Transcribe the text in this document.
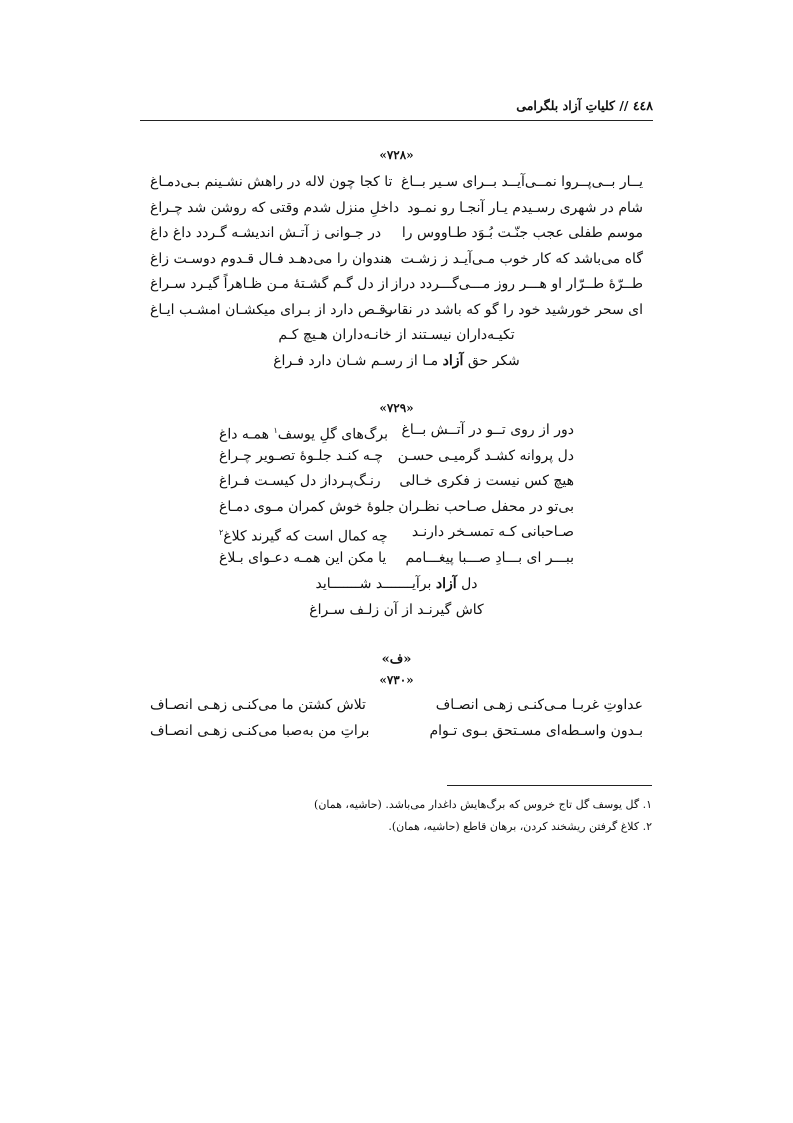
٤٤٨ // کلیاتِ آزاد بلگرامی
«۷۲۸»
یــار بــی‌پــروا نمــی‌آیــد بــرای سـیر بــاغ
تا کجا چون لاله در راهش نشـینم بـی‌دمـاغ
شام در شهری رسـیدم یـار آنجـا رو نمـود
داخلِ منزل شدم وقتی که روشن شد چـراغ
موسم طفلی عجب جنّـت بُـوَد طـاووس را
در جـوانی ز آتـش اندیشـه گـردد داغ داغ
گاه می‌باشد که کار خوب مـی‌آیـد ز زشـت
هندوان را می‌دهـد فـال قـدوم دوسـت زاغ
طــرّهٔ طــرّار او هـــر روز مـــی‌گـــردد دراز
از دل گـم گشـتهٔ مـن ظـاهراً گیـرد سـراغ
ای سحر خورشید خود را گو که باشد در نقاب
رقـص دارد از بـرای میکشـان امشـب ایـاغ
تکیـه‌داران نیسـتند از خانـه‌داران هـیچ کـم
شکر حق آزاد مـا از رسـم شـان دارد فـراغ
«۷۲۹»
دور از روی تــو در آتــش بــاغ
برگ‌های گلِ یوسف$^۱$ همـه داغ
دل پروانه کشـد گرمیـی حسـن
چـه کنـد جلـوهٔ تصـویر چـراغ
هیچ کس نیست ز فکری خـالی
رنـگ‌پـرداز دل کیسـت فـراغ
بی‌تو در محفل صـاحب نظـران
جلوهٔ خوش کمران مـوی دمـاغ
صـاحبانی کـه تمسـخر دارنـد
چه کمال است که گیرند کلاغ$^۲$
ببـــر ای بـــادِ صـــبا پیغـــامم
یا مکن این همـه دعـوای بـلاغ
دل آزاد برآیـــــــد شـــــــاید
کاش گیرنـد از آن زلـف سـراغ
«ف»
«۷۳۰»
عداوتِ غربـا مـی‌کنـی زهـی انصـاف
تلاش کشتن ما می‌کنـی زهـی انصـاف
بـدون واسـطه‌ای مسـتحق بـوی تـوام
براتِ من به‌صبا می‌کنـی زهـی انصـاف
۱. گل یوسف گل تاج خروس که برگ‌هایش داغدار می‌باشد. (حاشیه، همان)
۲. کلاغ گرفتن ریشخند کردن، برهان قاطع (حاشیه، همان).
